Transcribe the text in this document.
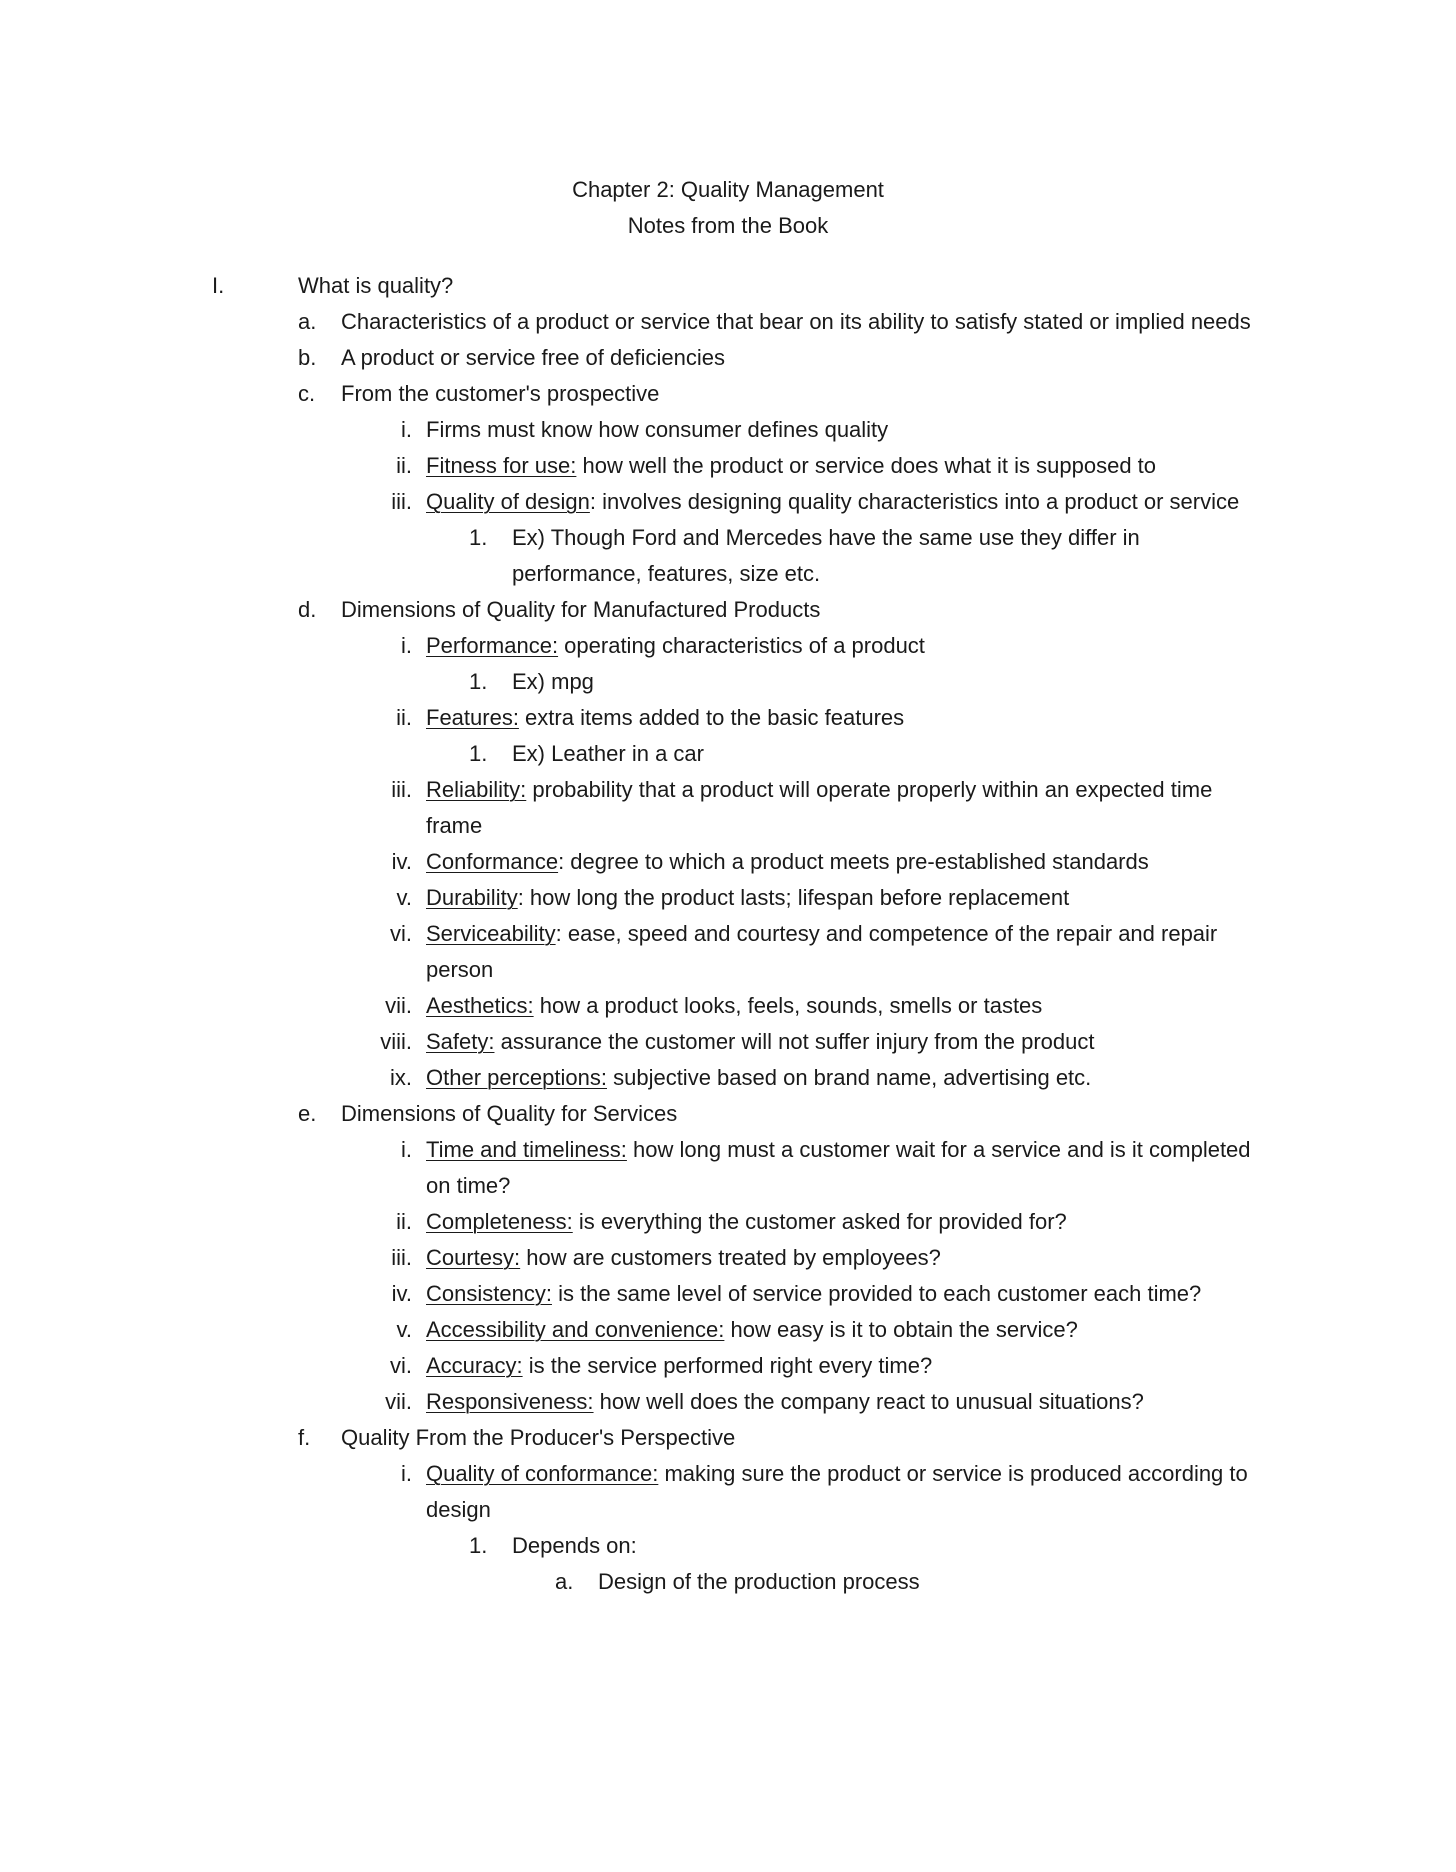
Chapter 2: Quality Management
Notes from the Book
I.	What is quality?
a. Characteristics of a product or service that bear on its ability to satisfy stated or implied needs
b. A product or service free of deficiencies
c. From the customer's prospective
i. Firms must know how consumer defines quality
ii. Fitness for use: how well the product or service does what it is supposed to
iii. Quality of design: involves designing quality characteristics into a product or service
1. Ex) Though Ford and Mercedes have the same use they differ in performance, features, size etc.
d. Dimensions of Quality for Manufactured Products
i. Performance: operating characteristics of a product
1. Ex) mpg
ii. Features: extra items added to the basic features
1. Ex) Leather in a car
iii. Reliability: probability that a product will operate properly within an expected time frame
iv. Conformance: degree to which a product meets pre-established standards
v. Durability: how long the product lasts; lifespan before replacement
vi. Serviceability: ease, speed and courtesy and competence of the repair and repair person
vii. Aesthetics: how a product looks, feels, sounds, smells or tastes
viii. Safety: assurance the customer will not suffer injury from the product
ix. Other perceptions: subjective based on brand name, advertising etc.
e. Dimensions of Quality for Services
i. Time and timeliness: how long must a customer wait for a service and is it completed on time?
ii. Completeness: is everything the customer asked for provided for?
iii. Courtesy: how are customers treated by employees?
iv. Consistency: is the same level of service provided to each customer each time?
v. Accessibility and convenience: how easy is it to obtain the service?
vi. Accuracy: is the service performed right every time?
vii. Responsiveness: how well does the company react to unusual situations?
f. Quality From the Producer's Perspective
i. Quality of conformance: making sure the product or service is produced according to design
1. Depends on:
a. Design of the production process
